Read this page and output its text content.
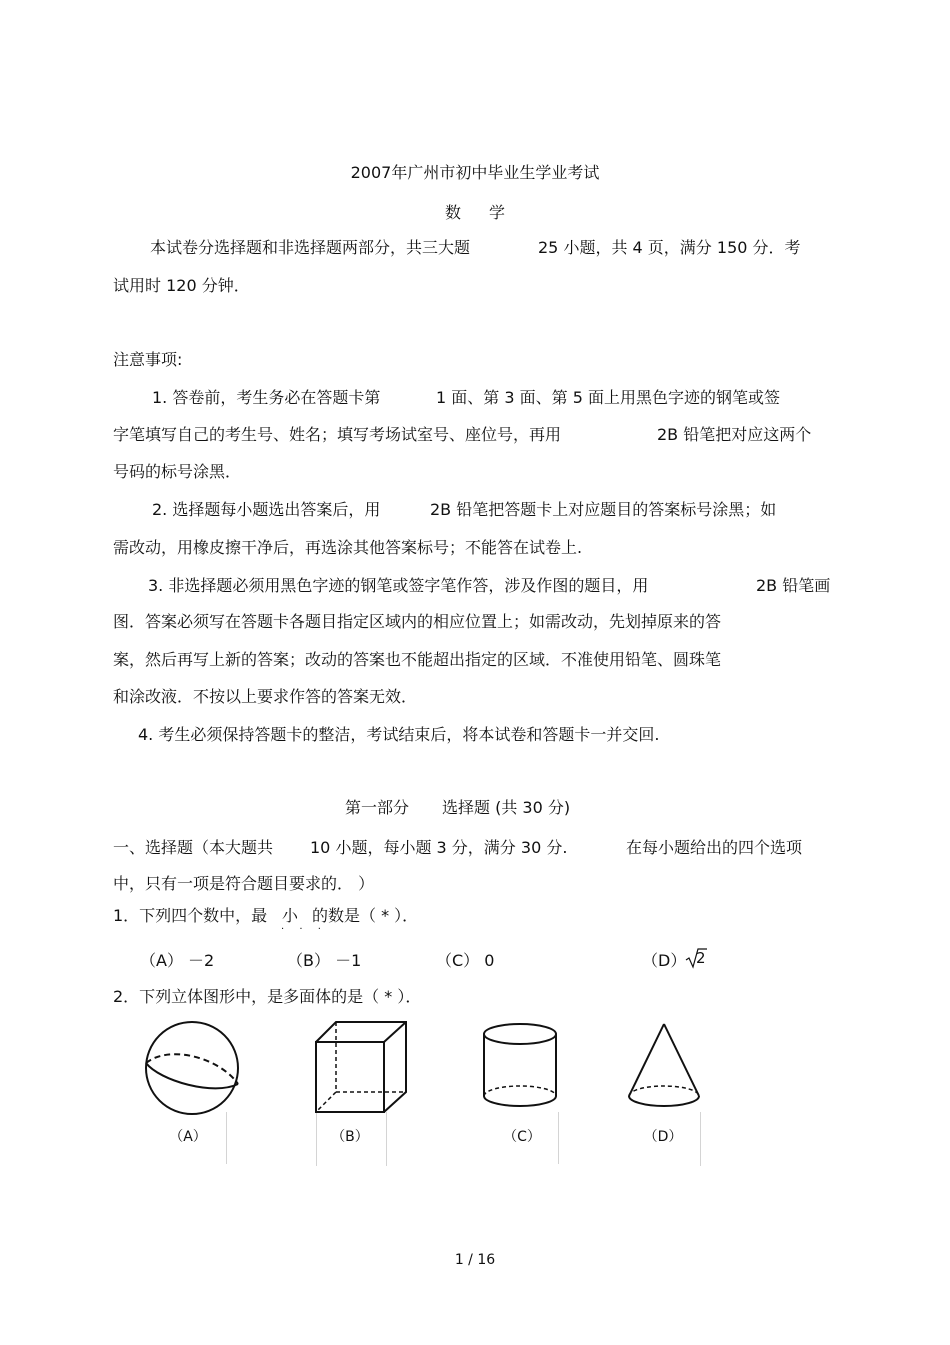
2007年广州市初中毕业生学业考试
数学
本试卷分选择题和非选择题两部分，共三大题	25 小题，共 4 页，满分 150 分．考
试用时 120 分钟．
注意事项:
1. 答卷前，考生务必在答题卡第	1 面、第 3 面、第 5 面上用黑色字迹的钢笔或签
字笔填写自己的考生号、姓名；填写考场试室号、座位号，再用	2B 铅笔把对应这两个
号码的标号涂黑．
2. 选择题每小题选出答案后，用	2B 铅笔把答题卡上对应题目的答案标号涂黑；如
需改动，用橡皮擦干净后，再选涂其他答案标号；不能答在试卷上.
3. 非选择题必须用黑色字迹的钢笔或签字笔作答，涉及作图的题目，用	2B 铅笔画
图．答案必须写在答题卡各题目指定区域内的相应位置上；如需改动，先划掉原来的答
案，然后再写上新的答案；改动的答案也不能超出指定的区域．不准使用铅笔、圆珠笔
和涂改液．不按以上要求作答的答案无效．
4. 考生必须保持答题卡的整洁，考试结束后，将本试卷和答题卡一并交回.
第一部分 选择题 (共 30 分)
一、选择题（本大题共 10 小题，每小题 3 分，满分 30 分.	在每小题给出的四个选项
中，只有一项是符合题目要求的． ）
1．下列四个数中，最 小
· · ·
的数是（ * ）．
（A） －2	（B） －1	（C） 0	（D） 2
2．下列立体图形中，是多面体的是（ * ）．
（A）	（B）	（C）	（D）
1 / 16
